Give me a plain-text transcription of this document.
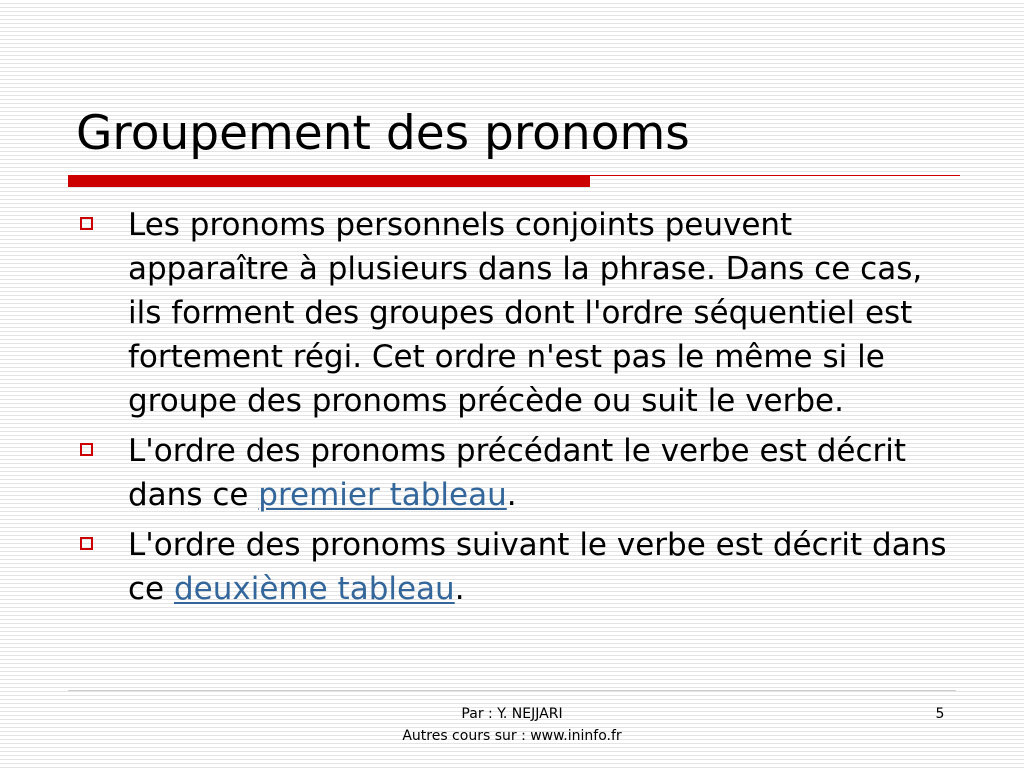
Groupement des pronoms
Les pronoms personnels conjoints peuvent apparaître à plusieurs dans la phrase. Dans ce cas, ils forment des groupes dont l'ordre séquentiel est fortement régi. Cet ordre n'est pas le même si le groupe des pronoms précède ou suit le verbe.
L'ordre des pronoms précédant le verbe est décrit dans ce premier tableau.
L'ordre des pronoms suivant le verbe est décrit dans ce deuxième tableau.
Par : Y. NEJJARI
Autres cours sur : www.ininfo.fr
5
